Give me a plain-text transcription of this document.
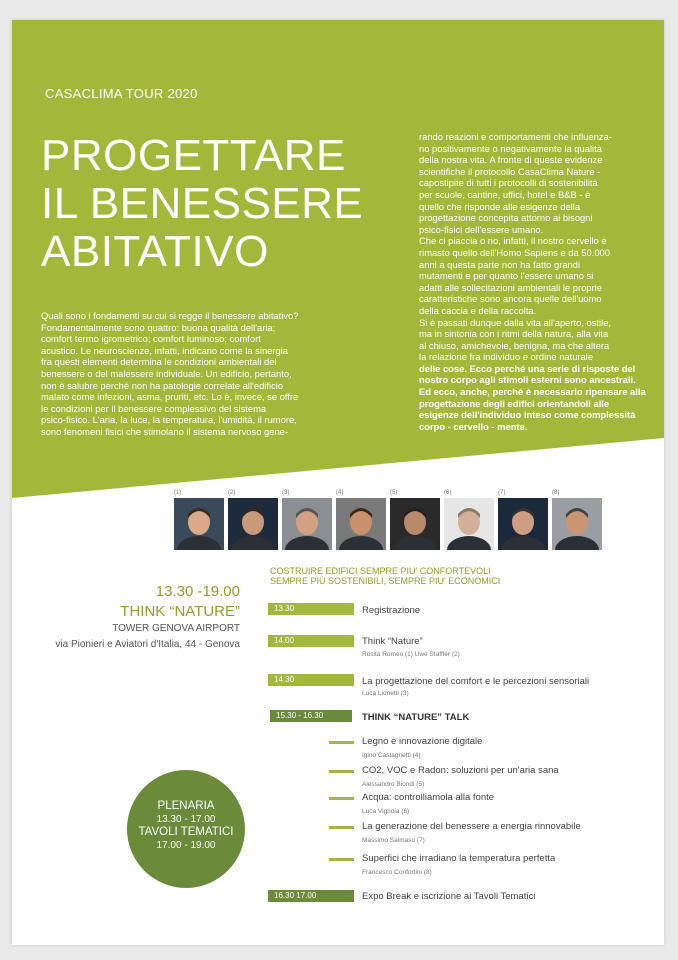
CASACLIMA TOUR 2020
PROGETTARE
IL BENESSERE
ABITATIVO
Quali sono i fondamenti su cui si regge il benessere abitativo?
Fondamentalmente sono quattro: buona qualità dell'aria;
comfort termo igrometrico; comfort luminoso; comfort
acustico. Le neuroscienze, infatti, indicano come la sinergia
fra questi elementi determina le condizioni ambientali del
benessere o del malessere individuale. Un edificio, pertanto,
non è salubre perché non ha patologie correlate all'edificio
malato come infezioni, asma, pruriti, etc. Lo è, invece, se offre
le condizioni per il benessere complessivo del sistema
psico-fisico. L'aria, la luce, la temperatura, l'umidità, il rumore,
sono fenomeni fisici che stimolano il sistema nervoso gene-
rando reazioni e comportamenti che influenza-
no positivamente o negativamente la qualità
della nostra vita. A fronte di queste evidenze
scientifiche il protocollo CasaClima Nature -
capostipite di tutti i protocolli di sostenibilità
per scuole, cantine, uffici, hotel e B&B - è
quello che risponde alle esigenze della
progettazione concepita attorno ai bisogni
psico-fisici dell'essere umano.
Che ci piaccia o no, infatti, il nostro cervello è
rimasto quello dell'Homo Sapiens e da 50.000
anni a questa parte non ha fatto grandi
mutamenti e per quanto l'essere umano si
adatti alle sollecitazioni ambientali le proprie
caratteristiche sono ancora quelle dell'uomo
della caccia e della raccolta.
Si è passati dunque dalla vita all'aperto, ostile,
ma in sintonia con i ritmi della natura, alla vita
al chiuso, amichevole, benigna, ma che altera
la relazione fra individuo e ordine naturale
delle cose. Ecco perché una serie di risposte del
nostro corpo agli stimoli esterni sono ancestrali.
Ed ecco, anche, perché è necessario ripensare alla
progettazione degli edifici orientandoli alle
esigenze dell'individuo inteso come complessità
corpo - cervello - mente.
(1)	(2)	(3)	(4)	(5)	(6)	(7)	(8)
COSTRUIRE EDIFICI SEMPRE PIU' CONFORTEVOLI
SEMPRE PIÙ SOSTENIBILI, SEMPRE PIU' ECONOMICI
13.30 -19.00
THINK “NATURE”
TOWER GENOVA AIRPORT
via Pionieri e Aviatori d'Italia, 44 - Genova
PLENARIA
13.30 - 17.00
TAVOLI TEMATICI
17.00 - 19.00
13.30	Registrazione
14.00	Think “Nature”
Rosita Romeo (1) Uwe Staffler (2)
14.30	La progettazione del comfort e le percezioni sensoriali
Luca Lionetti (3)
15.30 - 16.30	THINK “NATURE” TALK
Legno e innovazione digitale
Igino Castagnetti (4)
CO2, VOC e Radon: soluzioni per un'aria sana
Alessandro Biondi (5)
Acqua: controlliamola alla fonte
Luca Vignola (6)
La generazione del benessere a energia rinnovabile
Massimo Salmaso (7)
Superfici che irradiano la temperatura perfetta
Francesco Confortini (8)
16.30 17.00	Expo Break e iscrizione ai Tavoli Tematici
